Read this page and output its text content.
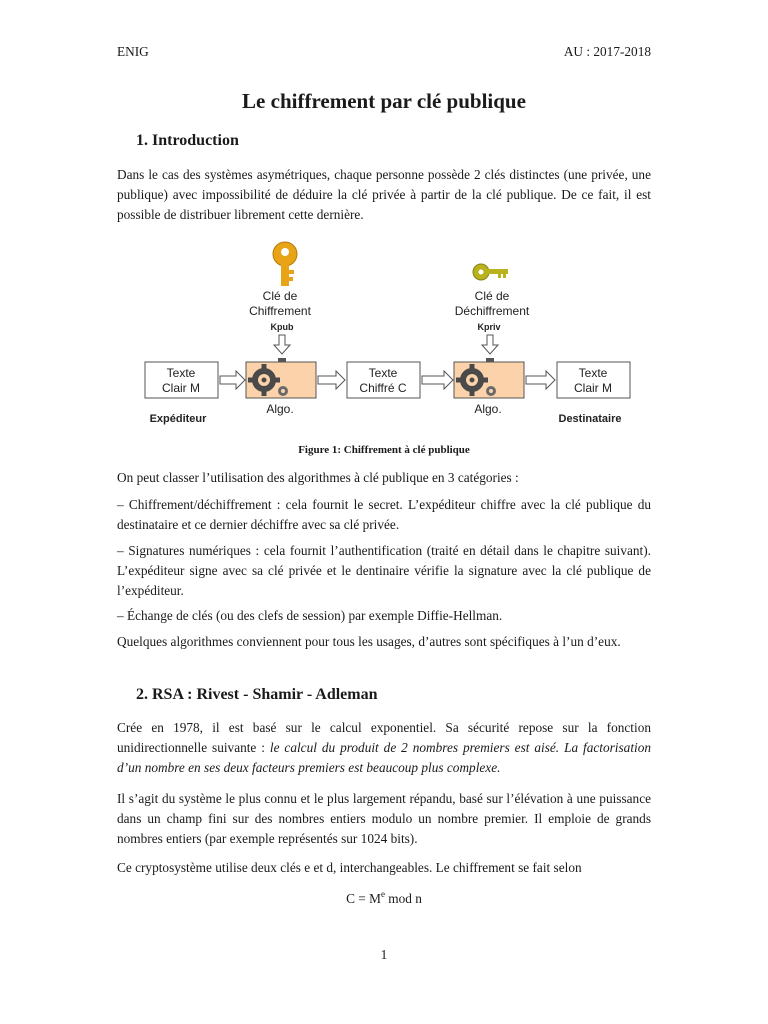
ENIG	AU : 2017-2018
Le chiffrement par clé publique
1. Introduction
Dans le cas des systèmes asymétriques, chaque personne possède 2 clés distinctes (une privée, une publique) avec impossibilité de déduire la clé privée à partir de la clé publique. De ce fait, il est possible de distribuer librement cette dernière.
Clé de
Chiffrement
Kpub
Clé de
Déchiffrement
Kpriv
Texte
Clair M
Algo.
Texte
Chiffré C
Algo.
Texte
Clair M
Expéditeur	Destinataire
Figure 1: Chiffrement à clé publique
On peut classer l’utilisation des algorithmes à clé publique en 3 catégories :
– Chiffrement/déchiffrement : cela fournit le secret. L’expéditeur chiffre avec la clé publique du destinataire et ce dernier déchiffre avec sa clé privée.
– Signatures numériques : cela fournit l’authentification (traité en détail dans le chapitre suivant). L’expéditeur signe avec sa clé privée et le dentinaire vérifie la signature avec la clé publique de l’expéditeur.
– Échange de clés (ou des clefs de session) par exemple Diffie-Hellman.
Quelques algorithmes conviennent pour tous les usages, d’autres sont spécifiques à l’un d’eux.
2. RSA : Rivest - Shamir - Adleman
Crée en 1978, il est basé sur le calcul exponentiel. Sa sécurité repose sur la fonction unidirectionnelle suivante : le calcul du produit de 2 nombres premiers est aisé. La factorisation d’un nombre en ses deux facteurs premiers est beaucoup plus complexe.
Il s’agit du système le plus connu et le plus largement répandu, basé sur l’élévation à une puissance dans un champ fini sur des nombres entiers modulo un nombre premier. Il emploie de grands nombres entiers (par exemple représentés sur 1024 bits).
Ce cryptosystème utilise deux clés e et d, interchangeables. Le chiffrement se fait selon
$C = M^e$ mod n
1
